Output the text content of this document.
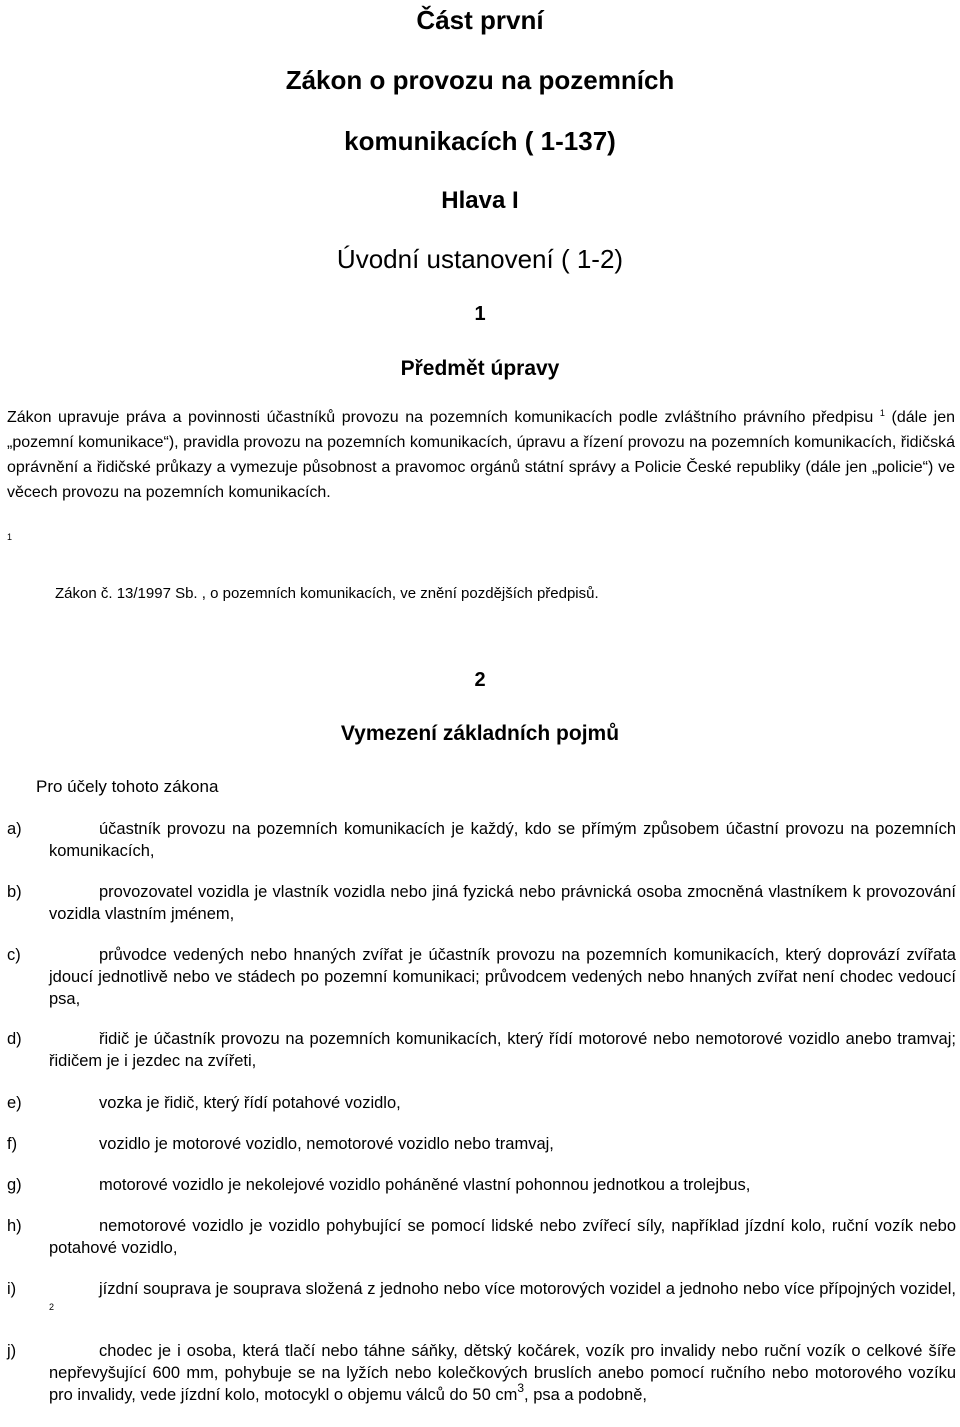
Část první
Zákon o provozu na pozemních
komunikacích ( 1-137)
Hlava I
Úvodní ustanovení ( 1-2)
1
Předmět úpravy
Zákon upravuje práva a povinnosti účastníků provozu na pozemních komunikacích podle zvláštního právního předpisu $^1$ (dále jen „pozemní komunikace“), pravidla provozu na pozemních komunikacích, úpravu a řízení provozu na pozemních komunikacích, řidičská oprávnění a řidičské průkazy a vymezuje působnost a pravomoc orgánů státní správy a Policie České republiky (dále jen „policie“) ve věcech provozu na pozemních komunikacích.
1
Zákon č. 13/1997 Sb. , o pozemních komunikacích, ve znění pozdějších předpisů.
2
Vymezení základních pojmů
Pro účely tohoto zákona
a)	účastník provozu na pozemních komunikacích je každý, kdo se přímým způsobem účastní provozu na pozemních komunikacích,
b)	provozovatel vozidla je vlastník vozidla nebo jiná fyzická nebo právnická osoba zmocněná vlastníkem k provozování vozidla vlastním jménem,
c)	průvodce vedených nebo hnaných zvířat je účastník provozu na pozemních komunikacích, který doprovází zvířata jdoucí jednotlivě nebo ve stádech po pozemní komunikaci; průvodcem vedených nebo hnaných zvířat není chodec vedoucí psa,
d)	řidič je účastník provozu na pozemních komunikacích, který řídí motorové nebo nemotorové vozidlo anebo tramvaj; řidičem je i jezdec na zvířeti,
e)	vozka je řidič, který řídí potahové vozidlo,
f)	vozidlo je motorové vozidlo, nemotorové vozidlo nebo tramvaj,
g)	motorové vozidlo je nekolejové vozidlo poháněné vlastní pohonnou jednotkou a trolejbus,
h)	nemotorové vozidlo je vozidlo pohybující se pomocí lidské nebo zvířecí síly, například jízdní kolo, ruční vozík nebo potahové vozidlo,
i)	jízdní souprava je souprava složená z jednoho nebo více motorových vozidel a jednoho nebo více přípojných vozidel, $^2$
j)	chodec je i osoba, která tlačí nebo táhne sáňky, dětský kočárek, vozík pro invalidy nebo ruční vozík o celkové šíře nepřevyšující 600 mm, pohybuje se na lyžích nebo kolečkových bruslích anebo pomocí ručního nebo motorového vozíku pro invalidy, vede jízdní kolo, motocykl o objemu válců do 50 $cm^3$, psa a podobně,
